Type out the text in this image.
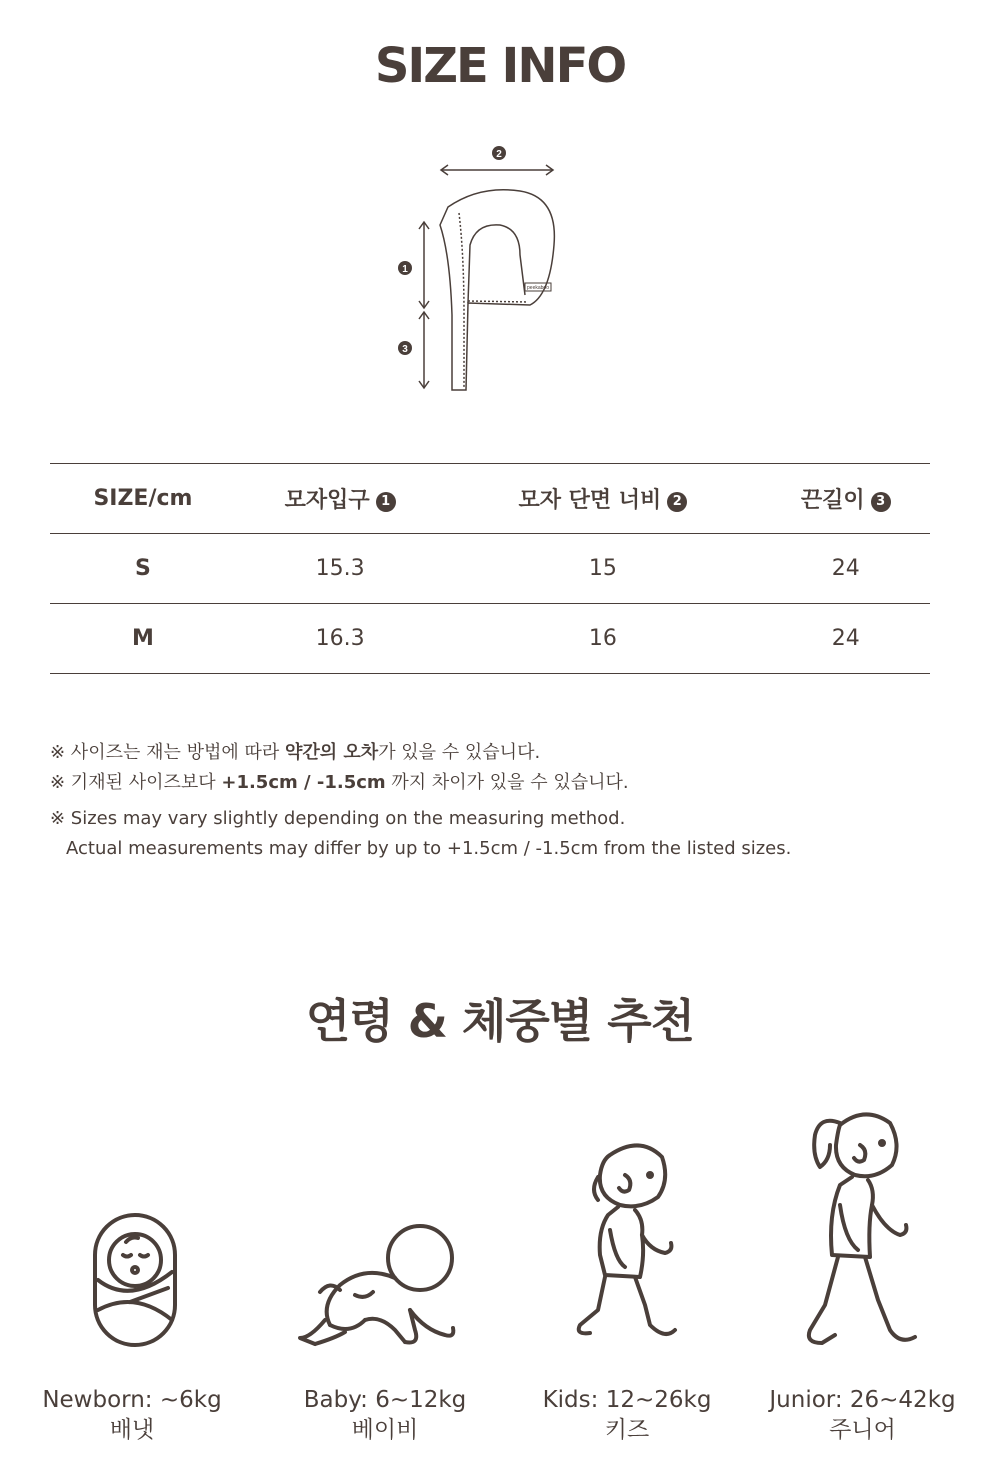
SIZE INFO
2
1
3
peekaboo
SIZE/cm	모자입구 1	모자 단면 너비 2	끈길이 3
S	15.3	15	24
M	16.3	16	24
※ 사이즈는 재는 방법에 따라 약간의 오차가 있을 수 있습니다.
※ 기재된 사이즈보다 +1.5cm / -1.5cm 까지 차이가 있을 수 있습니다.
※ Sizes may vary slightly depending on the measuring method.
Actual measurements may differ by up to +1.5cm / -1.5cm from the listed sizes.
연령 & 체중별 추천
Newborn: ~6kg
배냇
Baby: 6~12kg
베이비
Kids: 12~26kg
키즈
Junior: 26~42kg
주니어
